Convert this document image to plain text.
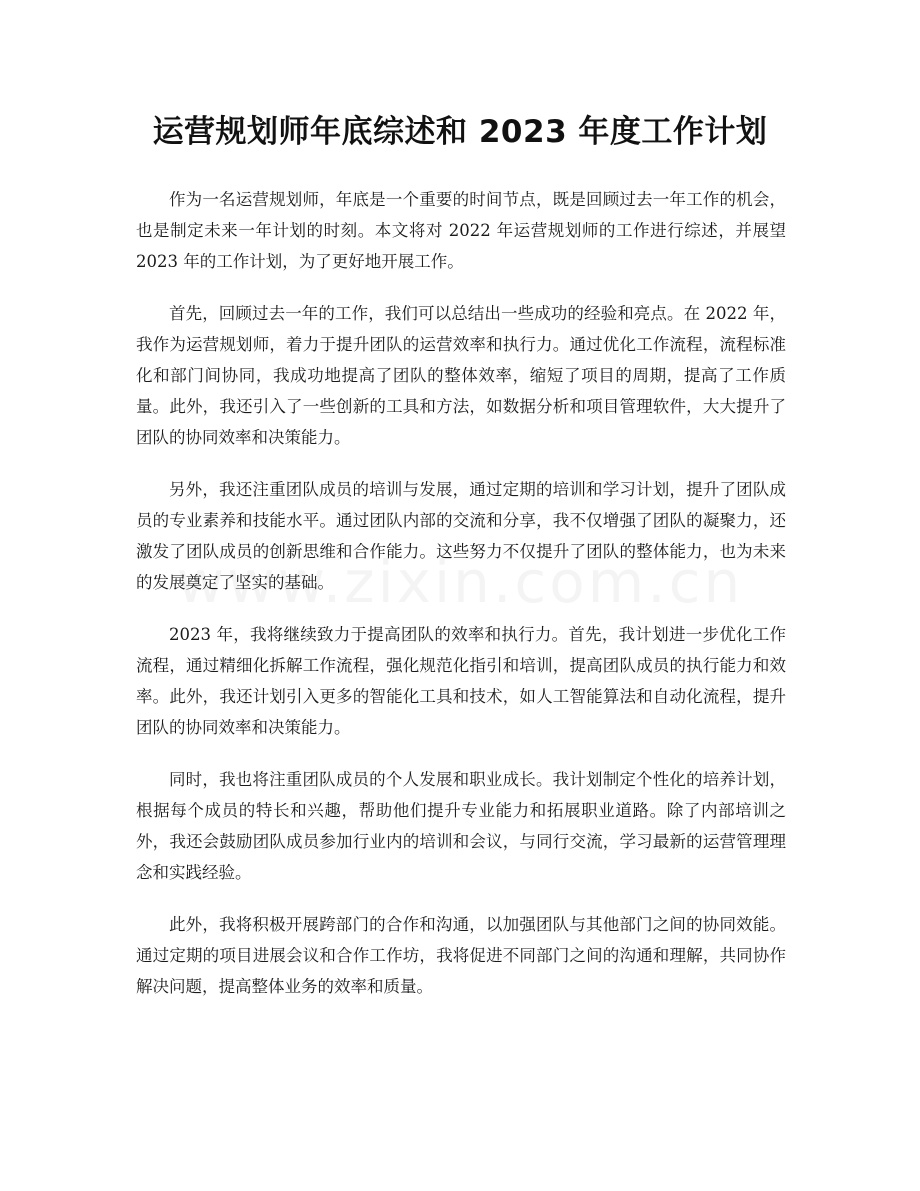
运营规划师年底综述和 2023 年度工作计划

作为一名运营规划师，年底是一个重要的时间节点，既是回顾过去一年工作的机会，也是制定未来一年计划的时刻。本文将对 2022 年运营规划师的工作进行综述，并展望 2023 年的工作计划，为了更好地开展工作。

首先，回顾过去一年的工作，我们可以总结出一些成功的经验和亮点。在 2022 年，我作为运营规划师，着力于提升团队的运营效率和执行力。通过优化工作流程，流程标准化和部门间协同，我成功地提高了团队的整体效率，缩短了项目的周期，提高了工作质量。此外，我还引入了一些创新的工具和方法，如数据分析和项目管理软件，大大提升了团队的协同效率和决策能力。

另外，我还注重团队成员的培训与发展，通过定期的培训和学习计划，提升了团队成员的专业素养和技能水平。通过团队内部的交流和分享，我不仅增强了团队的凝聚力，还激发了团队成员的创新思维和合作能力。这些努力不仅提升了团队的整体能力，也为未来的发展奠定了坚实的基础。

2023 年，我将继续致力于提高团队的效率和执行力。首先，我计划进一步优化工作流程，通过精细化拆解工作流程，强化规范化指引和培训，提高团队成员的执行能力和效率。此外，我还计划引入更多的智能化工具和技术，如人工智能算法和自动化流程，提升团队的协同效率和决策能力。

同时，我也将注重团队成员的个人发展和职业成长。我计划制定个性化的培养计划，根据每个成员的特长和兴趣，帮助他们提升专业能力和拓展职业道路。除了内部培训之外，我还会鼓励团队成员参加行业内的培训和会议，与同行交流，学习最新的运营管理理念和实践经验。

此外，我将积极开展跨部门的合作和沟通，以加强团队与其他部门之间的协同效能。通过定期的项目进展会议和合作工作坊，我将促进不同部门之间的沟通和理解，共同协作解决问题，提高整体业务的效率和质量。
